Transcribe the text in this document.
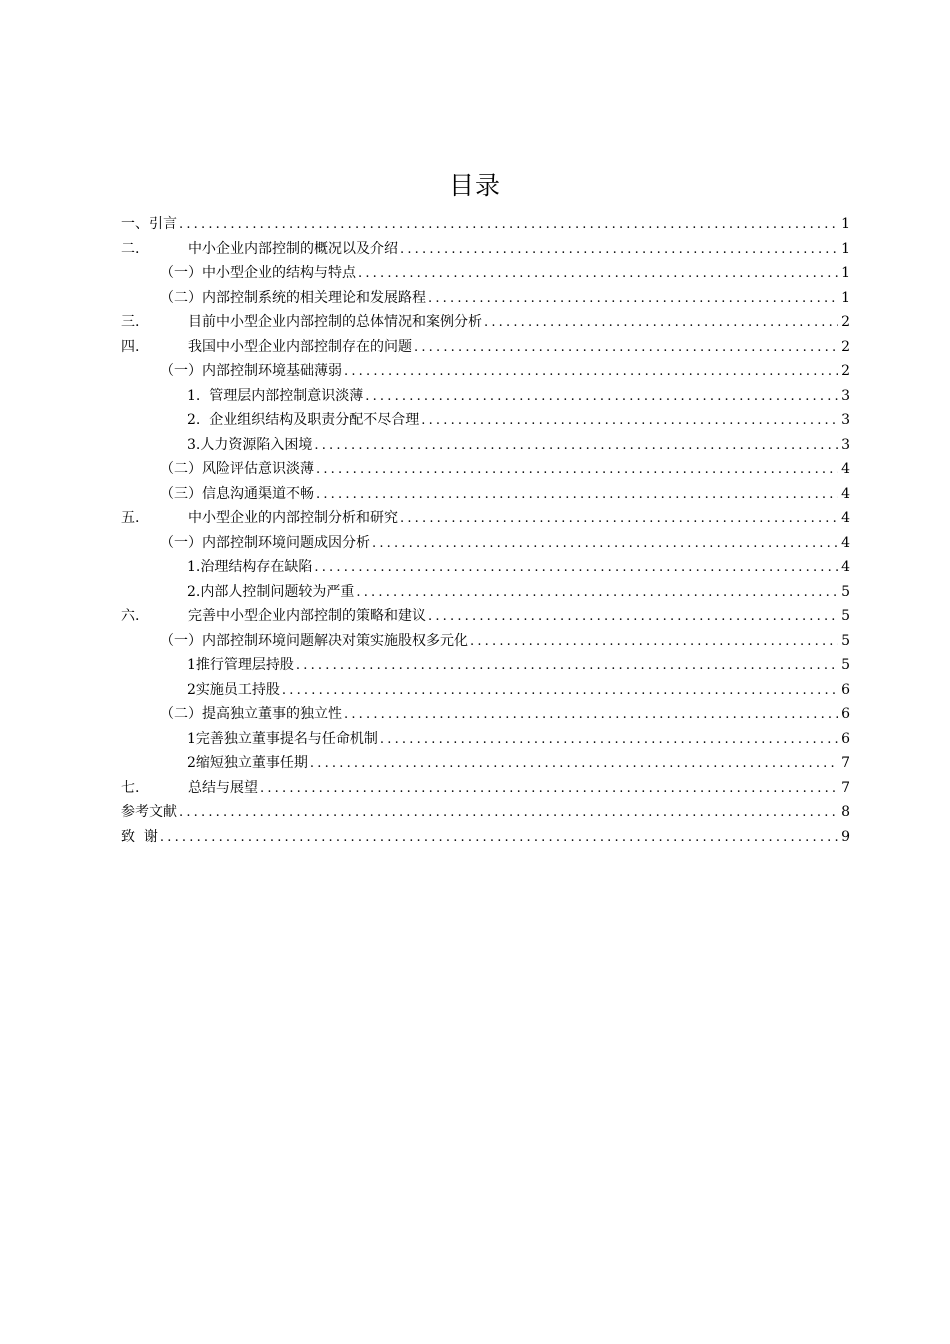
目录
一、引言 .....	1
二.	中小企业内部控制的概况以及介绍 .....	1
（一）中小型企业的结构与特点 .....	1
（二）内部控制系统的相关理论和发展路程 .....	1
三.	目前中小型企业内部控制的总体情况和案例分析 .....	2
四.	我国中小型企业内部控制存在的问题 .....	2
（一）内部控制环境基础薄弱 .....	2
1.  管理层内部控制意识淡薄 .....	3
2.  企业组织结构及职责分配不尽合理 .....	3
3.人力资源陷入困境 .....	3
（二）风险评估意识淡薄 .....	4
（三）信息沟通渠道不畅 .....	4
五.	中小型企业的内部控制分析和研究 .....	4
（一）内部控制环境问题成因分析 .....	4
1.治理结构存在缺陷 .....	4
2.内部人控制问题较为严重 .....	5
六.	完善中小型企业内部控制的策略和建议 .....	5
（一）内部控制环境问题解决对策实施股权多元化 .....	5
1推行管理层持股 .....	5
2实施员工持股 .....	6
（二）提高独立董事的独立性 .....	6
1完善独立董事提名与任命机制 .....	6
2缩短独立董事任期 .....	7
七.	总结与展望 .....	7
参考文献 .....	8
致  谢 .....	9
